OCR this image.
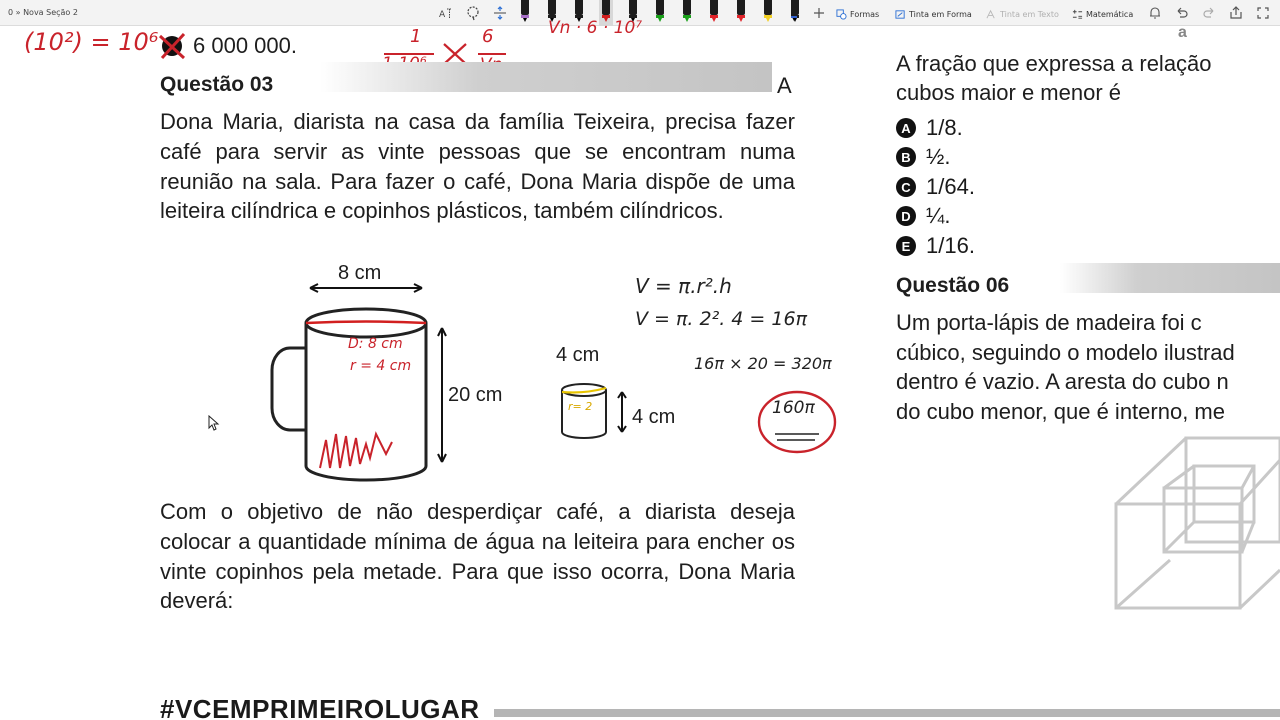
0 » Nova Seção 2	A	Formas	Tinta em Forma	Tinta em Texto	Matemática
(10²) = 10⁶ 6 000 000.	1	6	Vn · 6 · 10⁷
Questão 03	A

Dona Maria, diarista na casa da família Teixeira, precisa fazer café para servir as vinte pessoas que se encontram numa reunião na sala. Para fazer o café, Dona Maria dispõe de uma leiteira cilíndrica e copinhos plásticos, também cilíndricos.

8 cm
20 cm
D: 8 cm
r = 4 cm	4 cm
4 cm
r= 2
V = π.r².h
V = π. 2². 4 = 16π
16π × 20 = 320π
160π

Com o objetivo de não desperdiçar café, a diarista deseja colocar a quantidade mínima de água na leiteira para encher os vinte copinhos pela metade. Para que isso ocorra, Dona Maria deverá:

a
A fração que expressa a relação
cubos maior e menor é
A 1/8.
B ½.
C 1/64.
D ¼.
E 1/16.
Questão 06
Um porta-lápis de madeira foi c
cúbico, seguindo o modelo ilustrad
dentro é vazio. A aresta do cubo n
do cubo menor, que é interno, me
#VCEMPRIMEIROLUGAR
